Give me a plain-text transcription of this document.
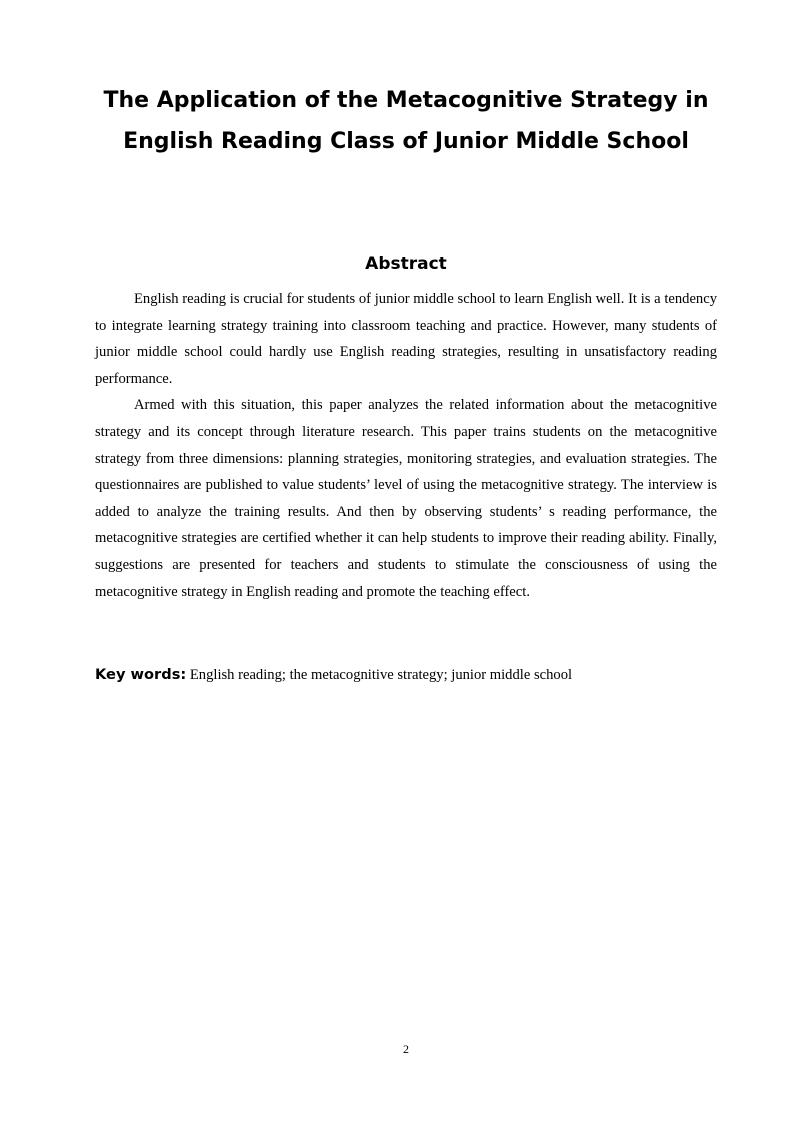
The Application of the Metacognitive Strategy in English Reading Class of Junior Middle School
Abstract

English reading is crucial for students of junior middle school to learn English well. It is a tendency to integrate learning strategy training into classroom teaching and practice. However, many students of junior middle school could hardly use English reading strategies, resulting in unsatisfactory reading performance.

Armed with this situation, this paper analyzes the related information about the metacognitive strategy and its concept through literature research. This paper trains students on the metacognitive strategy from three dimensions: planning strategies, monitoring strategies, and evaluation strategies. The questionnaires are published to value students’ level of using the metacognitive strategy. The interview is added to analyze the training results. And then by observing students’ s reading performance, the metacognitive strategies are certified whether it can help students to improve their reading ability. Finally, suggestions are presented for teachers and students to stimulate the consciousness of using the metacognitive strategy in English reading and promote the teaching effect.

Key words: English reading; the metacognitive strategy; junior middle school

2
